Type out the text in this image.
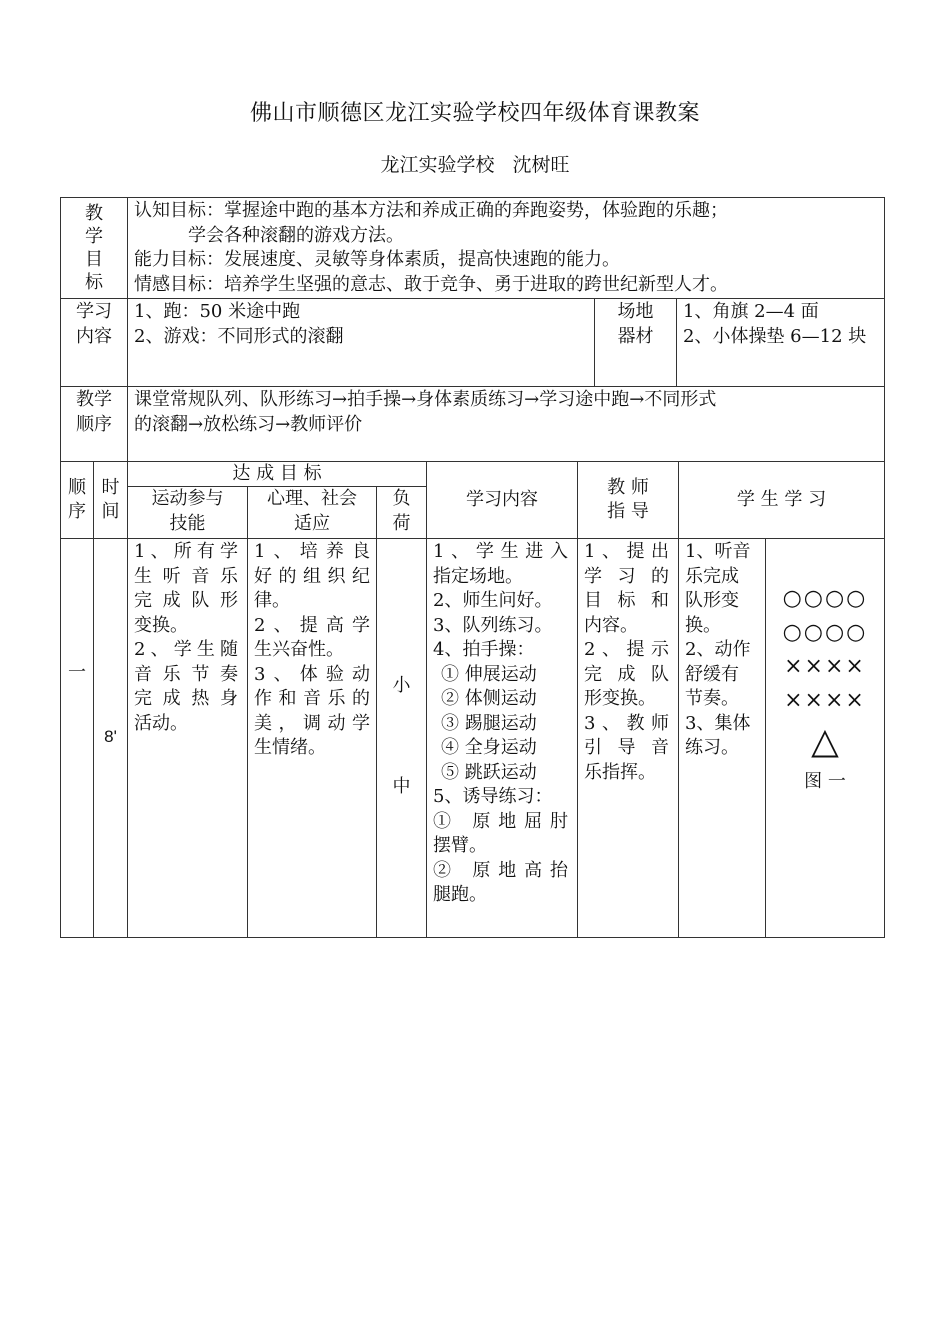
佛山市顺德区龙江实验学校四年级体育课教案
龙江实验学校 沈树旺
教
学
目
标
认知目标：掌握途中跑的基本方法和养成正确的奔跑姿势，体验跑的乐趣；
学会各种滚翻的游戏方法。
能力目标：发展速度、灵敏等身体素质，提高快速跑的能力。
情感目标：培养学生坚强的意志、敢于竞争、勇于进取的跨世纪新型人才。
学习
内容
1、跑：50 米途中跑
2、游戏：不同形式的滚翻
场地
器材
1、角旗 2—4 面
2、小体操垫 6—12 块
教学
顺序
课堂常规队列、队形练习→拍手操→身体素质练习→学习途中跑→不同形式
的滚翻→放松练习→教师评价
顺
序
时
间
达 成 目 标
运动参与
技能
心理、社会
适应
负
荷
学习内容
教 师
指 导
学 生 学 习
一
8'
1、所有学
生听音乐
完成队形
变换。
2、学生随
音乐节奏
完成热身
活动。
1、培养良
好的组织纪
律。
2、提高学
生兴奋性。
3、体验动
作和音乐的
美，调动学
生情绪。
小
中
1、学生进入
指定场地。
2、师生问好。
3、队列练习。
4、拍手操：
① 伸展运动
② 体侧运动
③ 踢腿运动
④ 全身运动
⑤ 跳跃运动
5、诱导练习：
① 原地屈肘
摆臂。
② 原地高抬
腿跑。
1、提出
学习的
目标和
内容。
2、提示
完成队
形变换。
3、教师
引导音
乐指挥。
1、听音
乐完成
队形变
换。
2、动作
舒缓有
节奏。
3、集体
练习。
○○○○
○○○○
××××
××××
△
图 一
